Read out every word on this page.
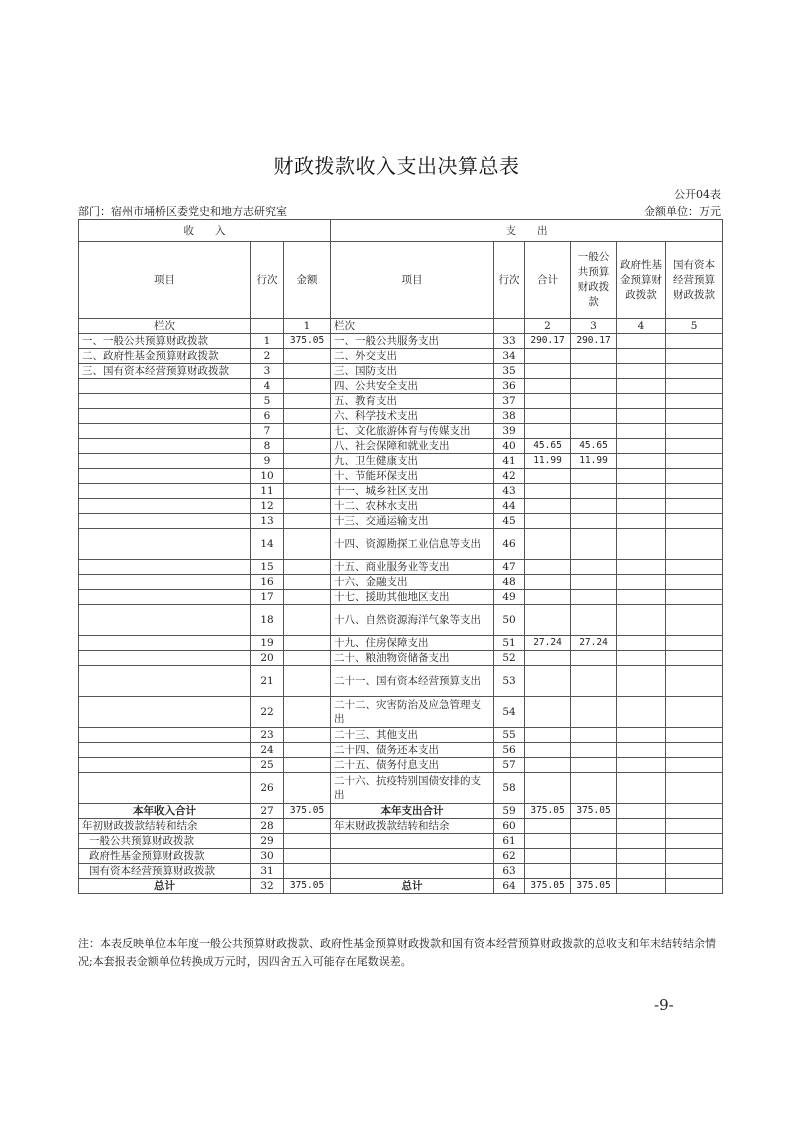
财政拨款收入支出决算总表
公开04表
部门：宿州市埇桥区委党史和地方志研究室	金额单位：万元
收　　入			支　　出					
项目	行次	金额	项目	行次	合计	一般公共预算财政拨款	政府性基金预算财政拨款	国有资本经营预算财政拨款
栏次		1	栏次		2	3	4	5
一、一般公共预算财政拨款	1	375.05	一、一般公共服务支出	33	290.17	290.17		
二、政府性基金预算财政拨款	2		二、外交支出	34				
三、国有资本经营预算财政拨款	3		三、国防支出	35				
	4		四、公共安全支出	36				
	5		五、教育支出	37				
	6		六、科学技术支出	38				
	7		七、文化旅游体育与传媒支出	39				
	8		八、社会保障和就业支出	40	45.65	45.65		
	9		九、卫生健康支出	41	11.99	11.99		
	10		十、节能环保支出	42				
	11		十一、城乡社区支出	43				
	12		十二、农林水支出	44				
	13		十三、交通运输支出	45				
	14		十四、资源勘探工业信息等支出	46				
	15		十五、商业服务业等支出	47				
	16		十六、金融支出	48				
	17		十七、援助其他地区支出	49				
	18		十八、自然资源海洋气象等支出	50				
	19		十九、住房保障支出	51	27.24	27.24		
	20		二十、粮油物资储备支出	52				
	21		二十一、国有资本经营预算支出	53				
	22		二十二、灾害防治及应急管理支出	54				
	23		二十三、其他支出	55				
	24		二十四、债务还本支出	56				
	25		二十五、债务付息支出	57				
	26		二十六、抗疫特别国债安排的支出	58				
本年收入合计	27	375.05	本年支出合计	59	375.05	375.05		
年初财政拨款结转和结余	28		年末财政拨款结转和结余	60				
一般公共预算财政拨款	29			61				
政府性基金预算财政拨款	30			62				
国有资本经营预算财政拨款	31			63				
总计	32	375.05	总计	64	375.05	375.05		
注：本表反映单位本年度一般公共预算财政拨款、政府性基金预算财政拨款和国有资本经营预算财政拨款的总收支和年末结转结余情况;本套报表金额单位转换成万元时，因四舍五入可能存在尾数误差。
-9-
